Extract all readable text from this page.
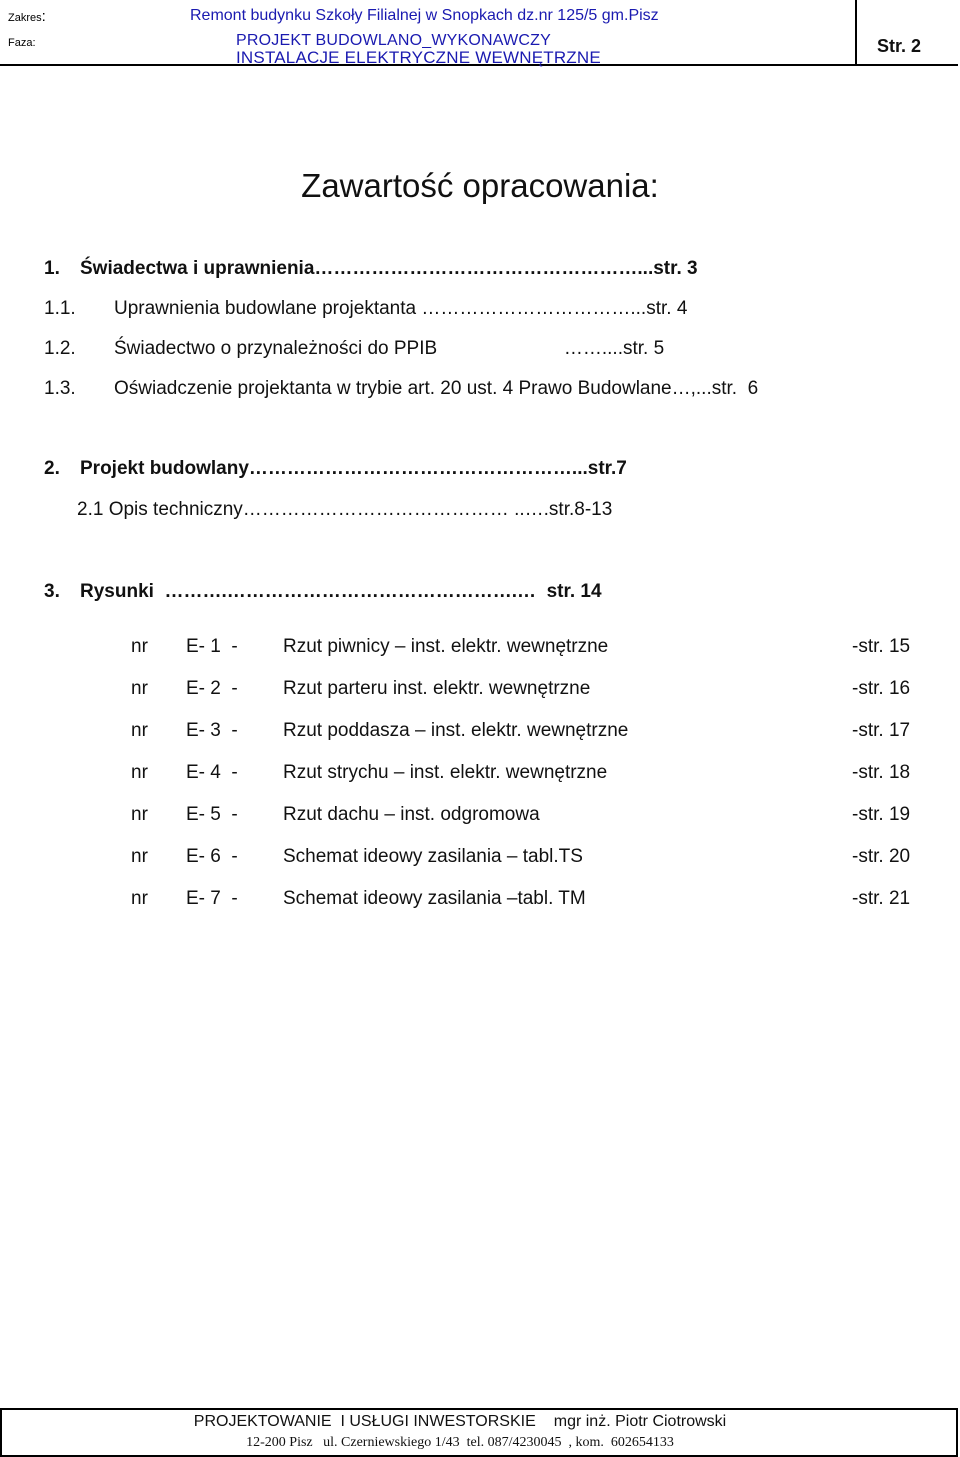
Zakres:	Remont budynku Szkoły Filialnej w Snopkach dz.nr 125/5 gm.Pisz
Faza:	PROJEKT BUDOWLANO_WYKONAWCZY
INSTALACJE ELEKTRYCZNE WEWNĘTRZNE
Str. 2
Zawartość opracowania:
1. Świadectwa i uprawnienia……………………………………………...str. 3
1.1. Uprawnienia budowlane projektanta ……………………………...str. 4
1.2. Świadectwo o przynależności do PPIB                        ……....str. 5
1.3. Oświadczenie projektanta w trybie art. 20 ust. 4 Prawo Budowlane…,...str.  6
2. Projekt budowlany……………………………………………...str.7
2.1 Opis techniczny…………………………………… ..….str.8-13
3. Rysunki  ……….……………………………………….…  str. 14
nr E- 1  - Rzut piwnicy – inst. elektr. wewnętrzne	-str. 15
nr E- 2  - Rzut parteru inst. elektr. wewnętrzne	-str. 16
nr E- 3  - Rzut poddasza – inst. elektr. wewnętrzne	-str. 17
nr E- 4  - Rzut strychu – inst. elektr. wewnętrzne	-str. 18
nr E- 5  - Rzut dachu – inst. odgromowa	-str. 19
nr E- 6  - Schemat ideowy zasilania – tabl.TS	-str. 20
nr E- 7  - Schemat ideowy zasilania –tabl. TM	-str. 21
PROJEKTOWANIE  I USŁUGI INWESTORSKIE mgr inż. Piotr Ciotrowski
12-200 Pisz   ul. Czerniewskiego 1/43  tel. 087/4230045  , kom.  602654133
